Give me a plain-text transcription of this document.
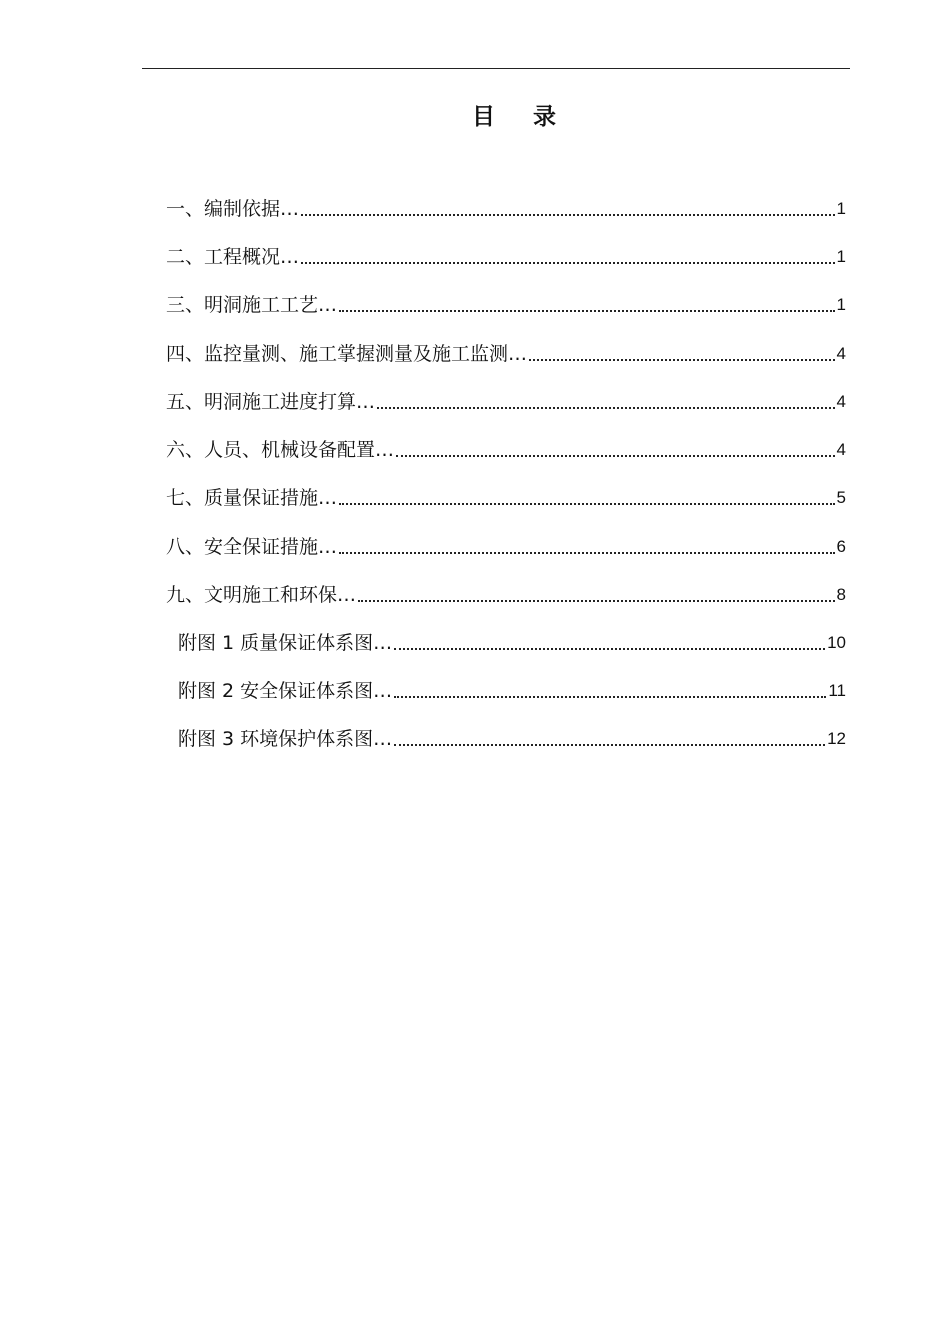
目 录
一、编制依据…	1
二、工程概况…	1
三、明洞施工工艺…	1
四、监控量测、施工掌握测量及施工监测…	4
五、明洞施工进度打算…	4
六、人员、机械设备配置…	4
七、质量保证措施…	5
八、安全保证措施…	6
九、文明施工和环保…	8
附图 1 质量保证体系图…	10
附图 2 安全保证体系图…	11
附图 3 环境保护体系图…	12
